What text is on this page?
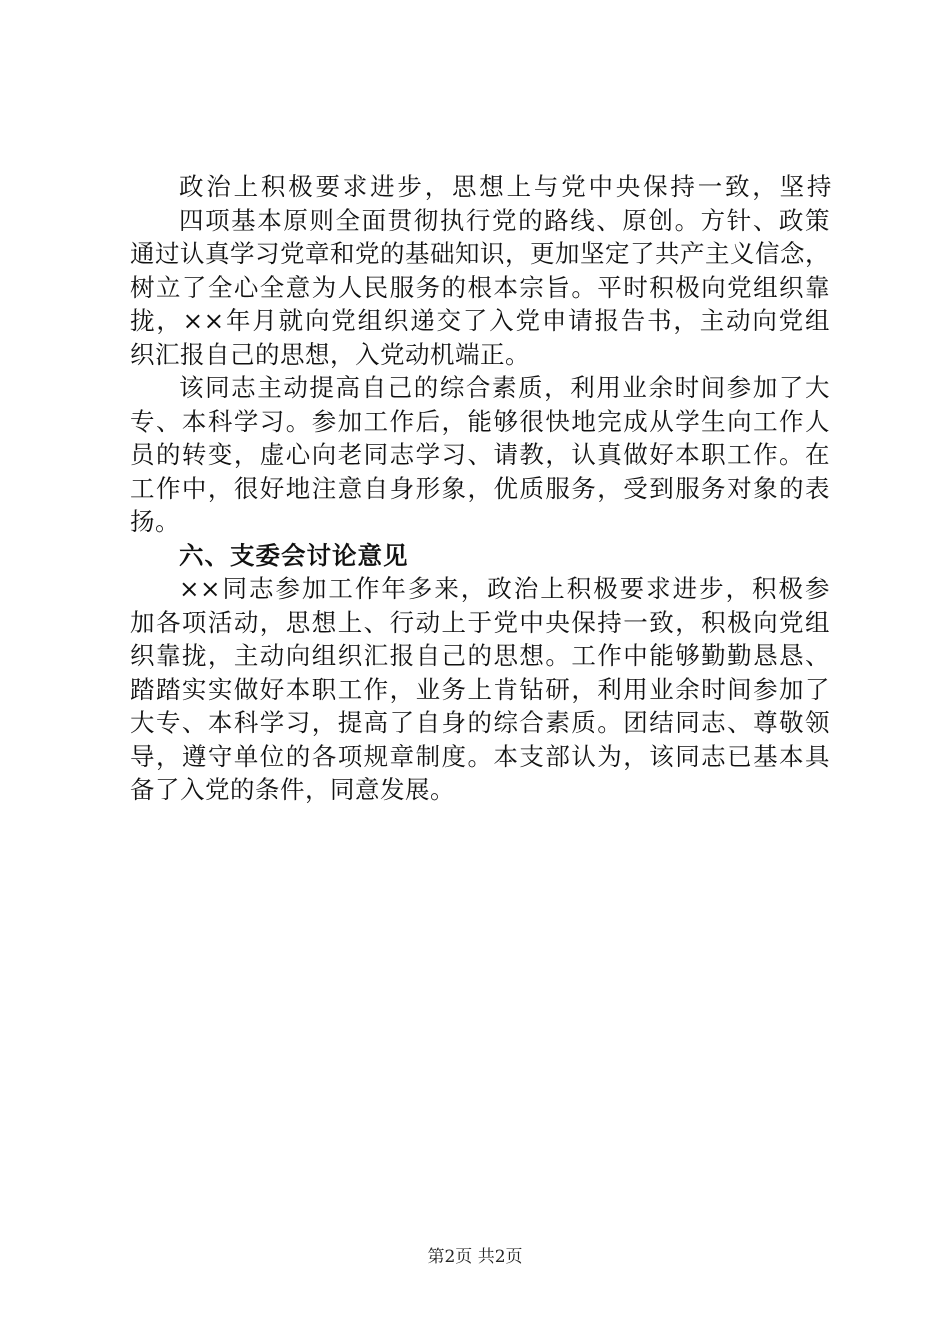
政治上积极要求进步，思想上与党中央保持一致，坚持
四项基本原则全面贯彻执行党的路线、原创。方针、政策
通过认真学习党章和党的基础知识，更加坚定了共产主义信念，
树立了全心全意为人民服务的根本宗旨。平时积极向党组织靠
拢，××年月就向党组织递交了入党申请报告书，主动向党组
织汇报自己的思想，入党动机端正。
该同志主动提高自己的综合素质，利用业余时间参加了大
专、本科学习。参加工作后，能够很快地完成从学生向工作人
员的转变，虚心向老同志学习、请教，认真做好本职工作。在
工作中，很好地注意自身形象，优质服务，受到服务对象的表
扬。
六、支委会讨论意见
××同志参加工作年多来，政治上积极要求进步，积极参
加各项活动，思想上、行动上于党中央保持一致，积极向党组
织靠拢，主动向组织汇报自己的思想。工作中能够勤勤恳恳、
踏踏实实做好本职工作，业务上肯钻研，利用业余时间参加了
大专、本科学习，提高了自身的综合素质。团结同志、尊敬领
导，遵守单位的各项规章制度。本支部认为，该同志已基本具
备了入党的条件，同意发展。
第2页 共2页
